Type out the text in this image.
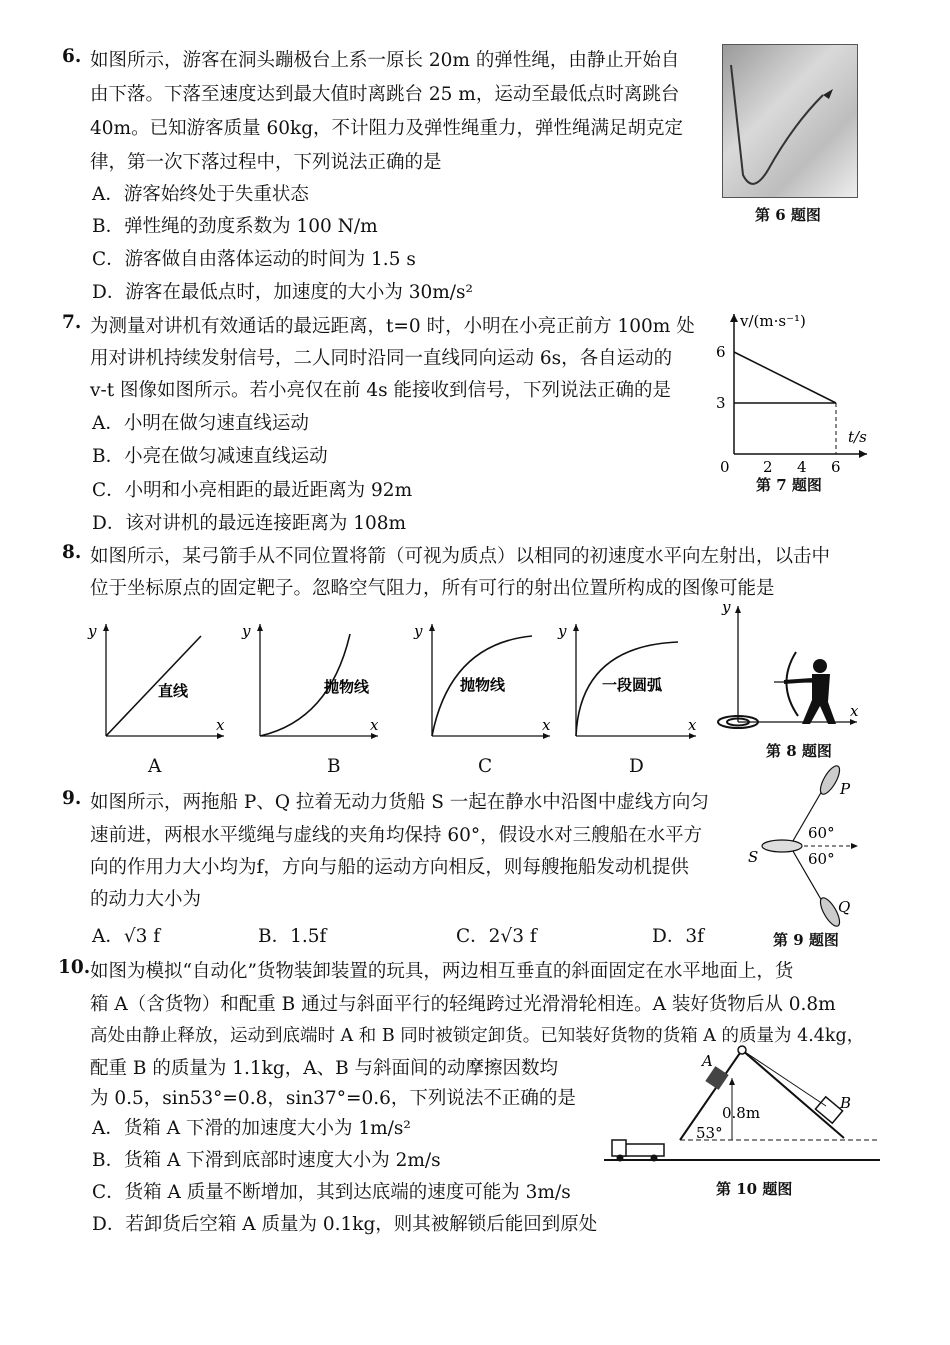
6. 如图所示，游客在洞头蹦极台上系一原长 20m 的弹性绳，由静止开始自
由下落。下落至速度达到最大值时离跳台 25 m，运动至最低点时离跳台
40m。已知游客质量 60kg，不计阻力及弹性绳重力，弹性绳满足胡克定
律，第一次下落过程中，下列说法正确的是
A．游客始终处于失重状态
B．弹性绳的劲度系数为 100 N/m
C．游客做自由落体运动的时间为 1.5 s
D．游客在最低点时，加速度的大小为 30m/s²
第 6 题图
7. 为测量对讲机有效通话的最远距离，t=0 时，小明在小亮正前方 100m 处
用对讲机持续发射信号，二人同时沿同一直线同向运动 6s，各自运动的
v-t 图像如图所示。若小亮仅在前 4s 能接收到信号，下列说法正确的是
A．小明在做匀速直线运动
B．小亮在做匀减速直线运动
C．小明和小亮相距的最近距离为 92m
D．该对讲机的最远连接距离为 108m
v/(m·s⁻¹)
t/s
6
3
0 2 4 6
第 7 题图
8. 如图所示，某弓箭手从不同位置将箭（可视为质点）以相同的初速度水平向左射出，以击中
位于坐标原点的固定靶子。忽略空气阻力，所有可行的射出位置所构成的图像可能是
y
x
直线
A
y
x
抛物线
B
y
x
抛物线
C
y
x
一段圆弧
D
y
x
第 8 题图
9. 如图所示，两拖船 P、Q 拉着无动力货船 S 一起在静水中沿图中虚线方向匀
速前进，两根水平缆绳与虚线的夹角均保持 60°，假设水对三艘船在水平方
向的作用力大小均为f，方向与船的运动方向相反，则每艘拖船发动机提供
的动力大小为
A．√3 f	B．1.5f	C．2√3 f	D．3f
P
Q
S
60°
60°
第 9 题图
10. 如图为模拟“自动化”货物装卸装置的玩具，两边相互垂直的斜面固定在水平地面上，货
箱 A（含货物）和配重 B 通过与斜面平行的轻绳跨过光滑滑轮相连。A 装好货物后从 0.8m
高处由静止释放，运动到底端时 A 和 B 同时被锁定卸货。已知装好货物的货箱 A 的质量为 4.4kg，
配重 B 的质量为 1.1kg，A、B 与斜面间的动摩擦因数均
为 0.5，sin53°=0.8，sin37°=0.6，下列说法不正确的是
A．货箱 A 下滑的加速度大小为 1m/s²
B．货箱 A 下滑到底部时速度大小为 2m/s
C．货箱 A 质量不断增加，其到达底端的速度可能为 3m/s
D．若卸货后空箱 A 质量为 0.1kg，则其被解锁后能回到原处
A
B
0.8m
53°
第 10 题图
